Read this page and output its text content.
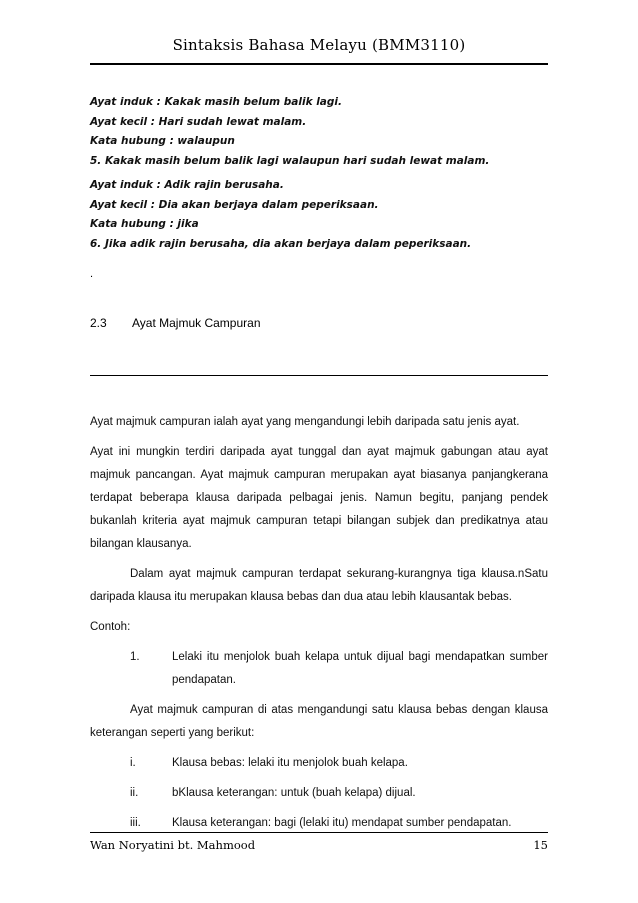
Sintaksis Bahasa Melayu (BMM3110)
Ayat induk : Kakak masih belum balik lagi.
Ayat kecil : Hari sudah lewat malam.
Kata hubung : walaupun
5. Kakak masih belum balik lagi walaupun hari sudah lewat malam.
Ayat induk : Adik rajin berusaha.
Ayat kecil : Dia akan berjaya dalam peperiksaan.
Kata hubung : jika
6. Jika adik rajin berusaha, dia akan berjaya dalam peperiksaan.
.
2.3 Ayat Majmuk Campuran

Ayat majmuk campuran ialah ayat yang mengandungi lebih daripada satu jenis ayat.

Ayat ini mungkin terdiri daripada ayat tunggal dan ayat majmuk gabungan atau ayat majmuk pancangan. Ayat majmuk campuran merupakan ayat biasanya panjangkerana terdapat beberapa klausa daripada pelbagai jenis. Namun begitu, panjang pendek bukanlah kriteria ayat majmuk campuran tetapi bilangan subjek dan predikatnya atau bilangan klausanya.

Dalam ayat majmuk campuran terdapat sekurang-kurangnya tiga klausa.nSatu daripada klausa itu merupakan klausa bebas dan dua atau lebih klausantak bebas.

Contoh:

1.	Lelaki itu menjolok buah kelapa untuk dijual bagi mendapatkan sumber pendapatan.

Ayat majmuk campuran di atas mengandungi satu klausa bebas dengan klausa keterangan seperti yang berikut:

i.	Klausa bebas: lelaki itu menjolok buah kelapa.
ii.	bKlausa keterangan: untuk (buah kelapa) dijual.
iii.	Klausa keterangan: bagi (lelaki itu) mendapat sumber pendapatan.
Wan Noryatini bt. Mahmood	15
